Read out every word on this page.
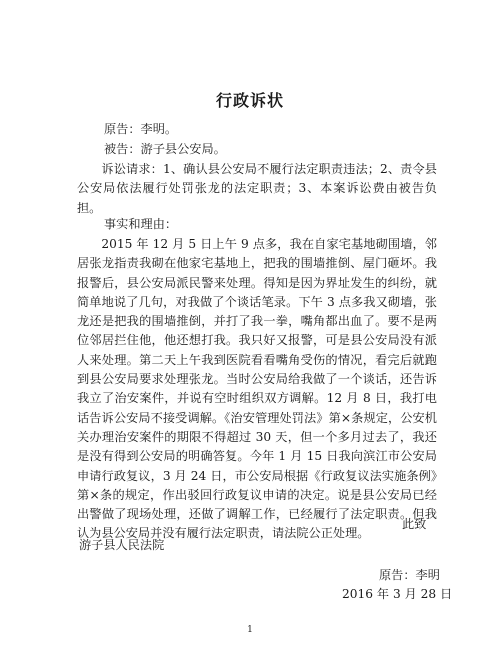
行政诉状
原告：李明。
被告：游子县公安局。

诉讼请求：1、确认县公安局不履行法定职责违法；2、责令县公安局依法履行处罚张龙的法定职责；3、本案诉讼费由被告负担。

事实和理由：

2015 年 12 月 5 日上午 9 点多，我在自家宅基地砌围墙，邻居张龙指责我砌在他家宅基地上，把我的围墙推倒、屋门砸坏。我报警后，县公安局派民警来处理。得知是因为界址发生的纠纷，就简单地说了几句，对我做了个谈话笔录。下午 3 点多我又砌墙，张龙还是把我的围墙推倒，并打了我一拳，嘴角都出血了。要不是两位邻居拦住他，他还想打我。我只好又报警，可是县公安局没有派人来处理。第二天上午我到医院看看嘴角受伤的情况，看完后就跑到县公安局要求处理张龙。当时公安局给我做了一个谈话，还告诉我立了治安案件，并说有空时组织双方调解。12 月 8 日，我打电话告诉公安局不接受调解。《治安管理处罚法》第×条规定，公安机关办理治安案件的期限不得超过 30 天，但一个多月过去了，我还是没有得到公安局的明确答复。今年 1 月 15 日我向滨江市公安局申请行政复议，3 月 24 日，市公安局根据《行政复议法实施条例》第×条的规定，作出驳回行政复议申请的决定。说是县公安局已经出警做了现场处理，还做了调解工作，已经履行了法定职责。但我认为县公安局并没有履行法定职责，请法院公正处理。

此致
游子县人民法院
原告：李明
2016 年 3 月 28 日
1
